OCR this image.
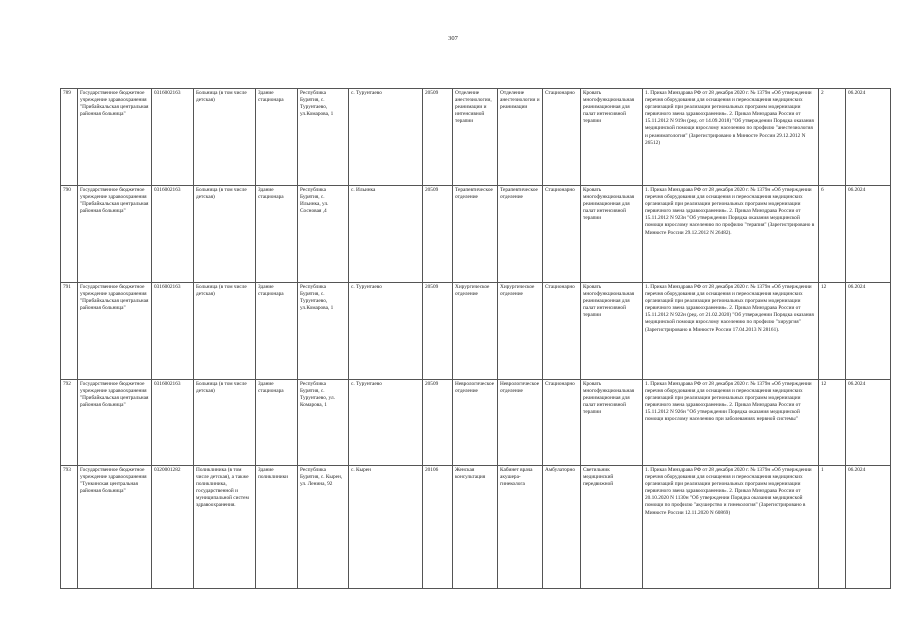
307
789	Государственное бюджетное учреждение здравоохранения "Прибайкальская центральная районная больница"	0316002163	Больница (в том числе детская)	Здание стационара	Республика Бурятия, с. Турунтаево, ул.Комарова, 1	с. Турунтаево	20509	Отделение анестезиологии, реанимации и интенсивной терапии	Отделение анестезиологии и реанимации	Стационарно	Кровать многофункциональная реанимационная для палат интенсивной терапии	1. Приказ Минздрава РФ от 28 декабря 2020 г. № 1379н «Об утверждении перечня оборудования для оснащения и переоснащения медицинских организаций при реализации региональных программ модернизации первичного звена здравоохранения». 2. Приказ Минздрава России от 15.11.2012 N 919н (ред. от 14.09.2018) "Об утверждении Порядка оказания медицинской помощи взрослому населению по профилю "анестезиология и реаниматология" (Зарегистрировано в Минюсте России 29.12.2012 N 26512)	2	06.2024
790	Государственное бюджетное учреждение здравоохранения "Прибайкальская центральная районная больница"	0316002163	Больница (в том числе детская)	Здание стационара	Республика Бурятия, с. Ильинка, ул. Сосновая ,4	с. Ильинка	20509	Терапевтическое отделение	Терапевтическое отделение	Стационарно	Кровать многофункциональная реанимационная для палат интенсивной терапии	1. Приказ Минздрава РФ от 28 декабря 2020 г. № 1379н «Об утверждении перечня оборудования для оснащения и переоснащения медицинских организаций при реализации региональных программ модернизации первичного звена здравоохранения». 2. Приказ Минздрава России от 15.11.2012 N 923н "Об утверждении Порядка оказания медицинской помощи взрослому населению по профилю "терапия" (Зарегистрировано в Минюсте России 29.12.2012 N 26482).	6	06.2024
791	Государственное бюджетное учреждение здравоохранения "Прибайкальская центральная районная больница"	0316002163	Больница (в том числе детская)	Здание стационара	Республика Бурятия, с. Турунтаево, ул.Комарова, 1	с. Турунтаево	20509	Хирургическое отделение	Хирургическое отделение	Стационарно	Кровать многофункциональная реанимационная для палат интенсивной терапии	1. Приказ Минздрава РФ от 28 декабря 2020 г. № 1379н «Об утверждении перечня оборудования для оснащения и переоснащения медицинских организаций при реализации региональных программ модернизации первичного звена здравоохранения». 2. Приказ Минздрава России от 15.11.2012 N 922н (ред. от 21.02.2020) "Об утверждении Порядка оказания медицинской помощи взрослому населению по профилю "хирургия" (Зарегистрировано в Минюсте России 17.04.2013 N 28161).	12	06.2024
792	Государственное бюджетное учреждение здравоохранения "Прибайкальская центральная районная больница"	0316002163	Больница (в том числе детская)	Здание стационара	Республика Бурятия, с. Турунтаево, ул. Комарова, 1	с. Турунтаево	20509	Неврологическое отделение	Неврологическое отделение	Стационарно	Кровать многофункциональная реанимационная для палат интенсивной терапии	1. Приказ Минздрава РФ от 28 декабря 2020 г. № 1379н «Об утверждении перечня оборудования для оснащения и переоснащения медицинских организаций при реализации региональных программ модернизации первичного звена здравоохранения». 2. Приказ Минздрава России от 15.11.2012 N 926н "Об утверждении Порядка оказания медицинской помощи взрослому населению при заболеваниях нервной системы"	12	06.2024
793	Государственное бюджетное учреждение здравоохранения "Тункинская центральная районная больница"	0320001282	Поликлиника (в том числе детская), а также поликлиника, государственной и муниципальной систем здравоохранения.	Здание поликлиники	Республика Бурятия, с. Кырен, ул. Ленина, 92	с. Кырен	20106	Женская консультация	Кабинет врача акушера-гинеколога	Амбулаторно	Светильник медицинский передвижной	1. Приказ Минздрава РФ от 28 декабря 2020 г. № 1379н «Об утверждении перечня оборудования для оснащения и переоснащения медицинских организаций при реализации региональных программ модернизации первичного звена здравоохранения». 2. Приказ Минздрава России от 20.10.2020 N 1130н "Об утверждении Порядка оказания медицинской помощи по профилю "акушерство и гинекология" (Зарегистрировано в Минюсте России 12.11.2020 N 60869)	1	06.2024
